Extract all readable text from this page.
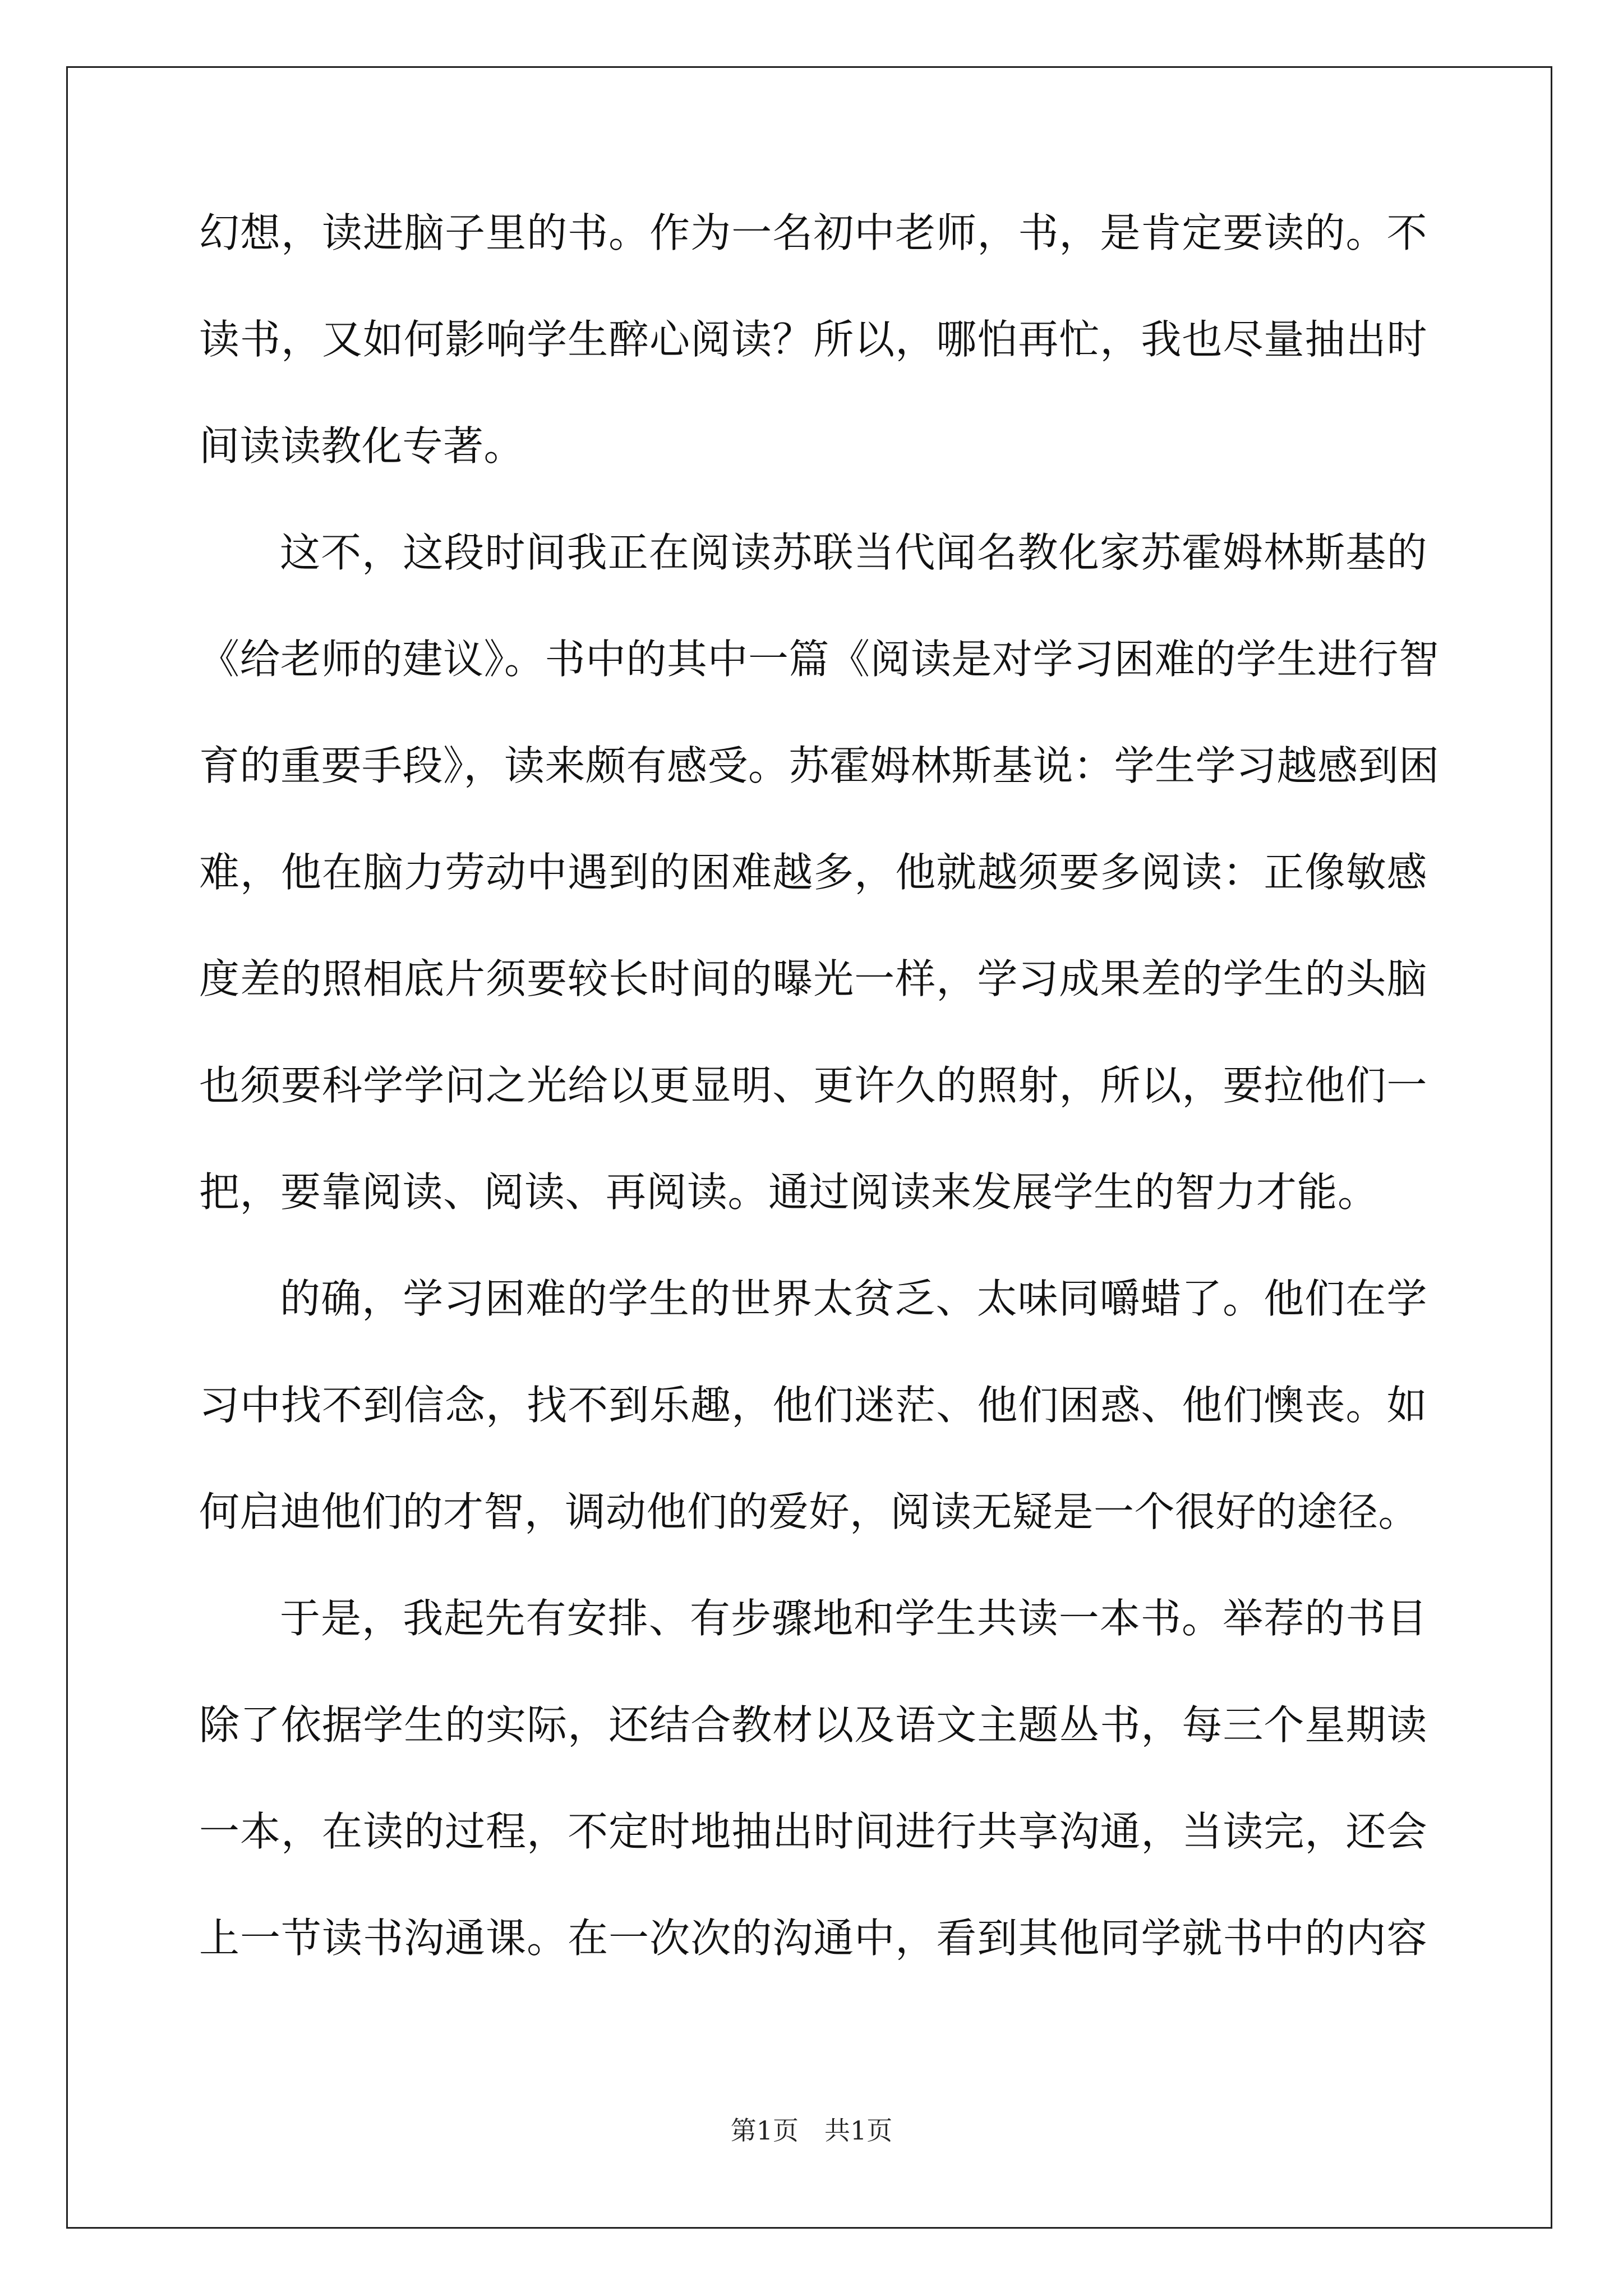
幻想，读进脑子里的书。作为一名初中老师，书，是肯定要读的。不
读书，又如何影响学生醉心阅读？所以，哪怕再忙，我也尽量抽出时
间读读教化专著。
这不，这段时间我正在阅读苏联当代闻名教化家苏霍姆林斯基的
《给老师的建议》。书中的其中一篇《阅读是对学习困难的学生进行智
育的重要手段》，读来颇有感受。苏霍姆林斯基说：学生学习越感到困
难，他在脑力劳动中遇到的困难越多，他就越须要多阅读：正像敏感
度差的照相底片须要较长时间的曝光一样，学习成果差的学生的头脑
也须要科学学问之光给以更显明、更许久的照射，所以，要拉他们一
把，要靠阅读、阅读、再阅读。通过阅读来发展学生的智力才能。
的确，学习困难的学生的世界太贫乏、太味同嚼蜡了。他们在学
习中找不到信念，找不到乐趣，他们迷茫、他们困惑、他们懊丧。如
何启迪他们的才智，调动他们的爱好，阅读无疑是一个很好的途径。
于是，我起先有安排、有步骤地和学生共读一本书。举荐的书目
除了依据学生的实际，还结合教材以及语文主题丛书，每三个星期读
一本，在读的过程，不定时地抽出时间进行共享沟通，当读完，还会
上一节读书沟通课。在一次次的沟通中，看到其他同学就书中的内容
第1页　共1页
